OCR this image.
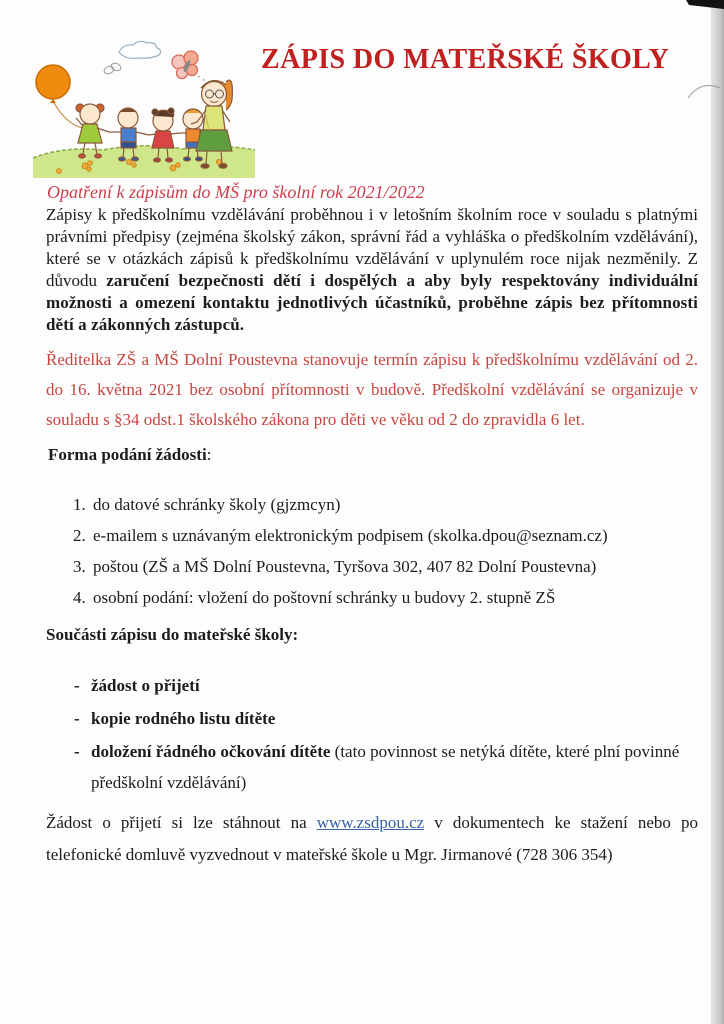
ZÁPIS DO MATEŘSKÉ ŠKOLY

Opatření k zápisům do MŠ pro školní rok 2021/2022

Zápisy k předškolnímu vzdělávání proběhnou i v letošním školním roce v souladu s platnými právními předpisy (zejména školský zákon, správní řád a vyhláška o předškolním vzdělávání), které se v otázkách zápisů k předškolnímu vzdělávání v uplynulém roce nijak nezměnily. Z důvodu zaručení bezpečnosti dětí i dospělých a aby byly respektovány individuální možnosti a omezení kontaktu jednotlivých účastníků, proběhne zápis bez přítomnosti dětí a zákonných zástupců.

Ředitelka ZŠ a MŠ Dolní Poustevna stanovuje termín zápisu k předškolnímu vzdělávání od 2. do 16. května 2021 bez osobní přítomnosti v budově. Předškolní vzdělávání se organizuje v souladu s §34 odst.1 školského zákona pro děti ve věku od 2 do zpravidla 6 let.

Forma podání žádosti:

1. do datové schránky školy (gjzmcyn)
2. e-mailem s uznávaným elektronickým podpisem (skolka.dpou@seznam.cz)
3. poštou (ZŠ a MŠ Dolní Poustevna, Tyršova 302, 407 82 Dolní Poustevna)
4. osobní podání: vložení do poštovní schránky u budovy 2. stupně ZŠ

Součásti zápisu do mateřské školy:

- žádost o přijetí
- kopie rodného listu dítěte
- doložení řádného očkování dítěte (tato povinnost se netýká dítěte, které plní povinné předškolní vzdělávání)

Žádost o přijetí si lze stáhnout na www.zsdpou.cz v dokumentech ke stažení nebo po telefonické domluvě vyzvednout v mateřské škole u Mgr. Jirmanové (728 306 354)
